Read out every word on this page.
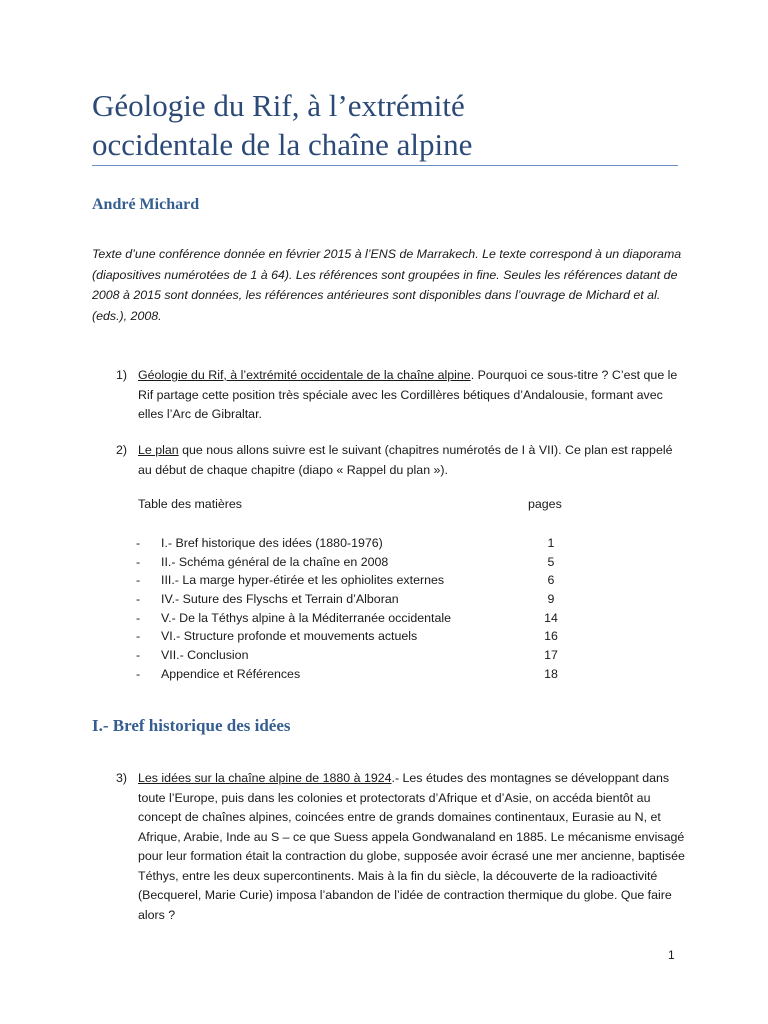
Géologie du Rif, à l’extrémité
occidentale de la chaîne alpine
André Michard

Texte d’une conférence donnée en février 2015 à l’ENS de Marrakech. Le texte correspond à un diaporama (diapositives numérotées de 1 à 64). Les références sont groupées in fine. Seules les références datant de 2008 à 2015 sont données, les références antérieures sont disponibles dans l’ouvrage de Michard et al. (eds.), 2008.

1) Géologie du Rif, à l’extrémité occidentale de la chaîne alpine. Pourquoi ce sous-titre ? C’est que le Rif partage cette position très spéciale avec les Cordillères bétiques d’Andalousie, formant avec elles l’Arc de Gibraltar.
2) Le plan que nous allons suivre est le suivant (chapitres numérotés de I à VII). Ce plan est rappelé au début de chaque chapitre (diapo « Rappel du plan »).
Table des matières	pages
- I.- Bref historique des idées (1880-1976)	1
- II.- Schéma général de la chaîne en 2008	5
- III.- La marge hyper-étirée et les ophiolites externes	6
- IV.- Suture des Flyschs et Terrain d’Alboran	9
- V.- De la Téthys alpine à la Méditerranée occidentale	14
- VI.- Structure profonde et mouvements actuels	16
- VII.- Conclusion	17
- Appendice et Références	18
I.- Bref historique des idées
3) Les idées sur la chaîne alpine de 1880 à 1924.- Les études des montagnes se développant dans toute l’Europe, puis dans les colonies et protectorats d’Afrique et d’Asie, on accéda bientôt au concept de chaînes alpines, coincées entre de grands domaines continentaux, Eurasie au N, et Afrique, Arabie, Inde au S – ce que Suess appela Gondwanaland en 1885. Le mécanisme envisagé pour leur formation était la contraction du globe, supposée avoir écrasé une mer ancienne, baptisée Téthys, entre les deux supercontinents. Mais à la fin du siècle, la découverte de la radioactivité (Becquerel, Marie Curie) imposa l’abandon de l’idée de contraction thermique du globe. Que faire alors ?
1
